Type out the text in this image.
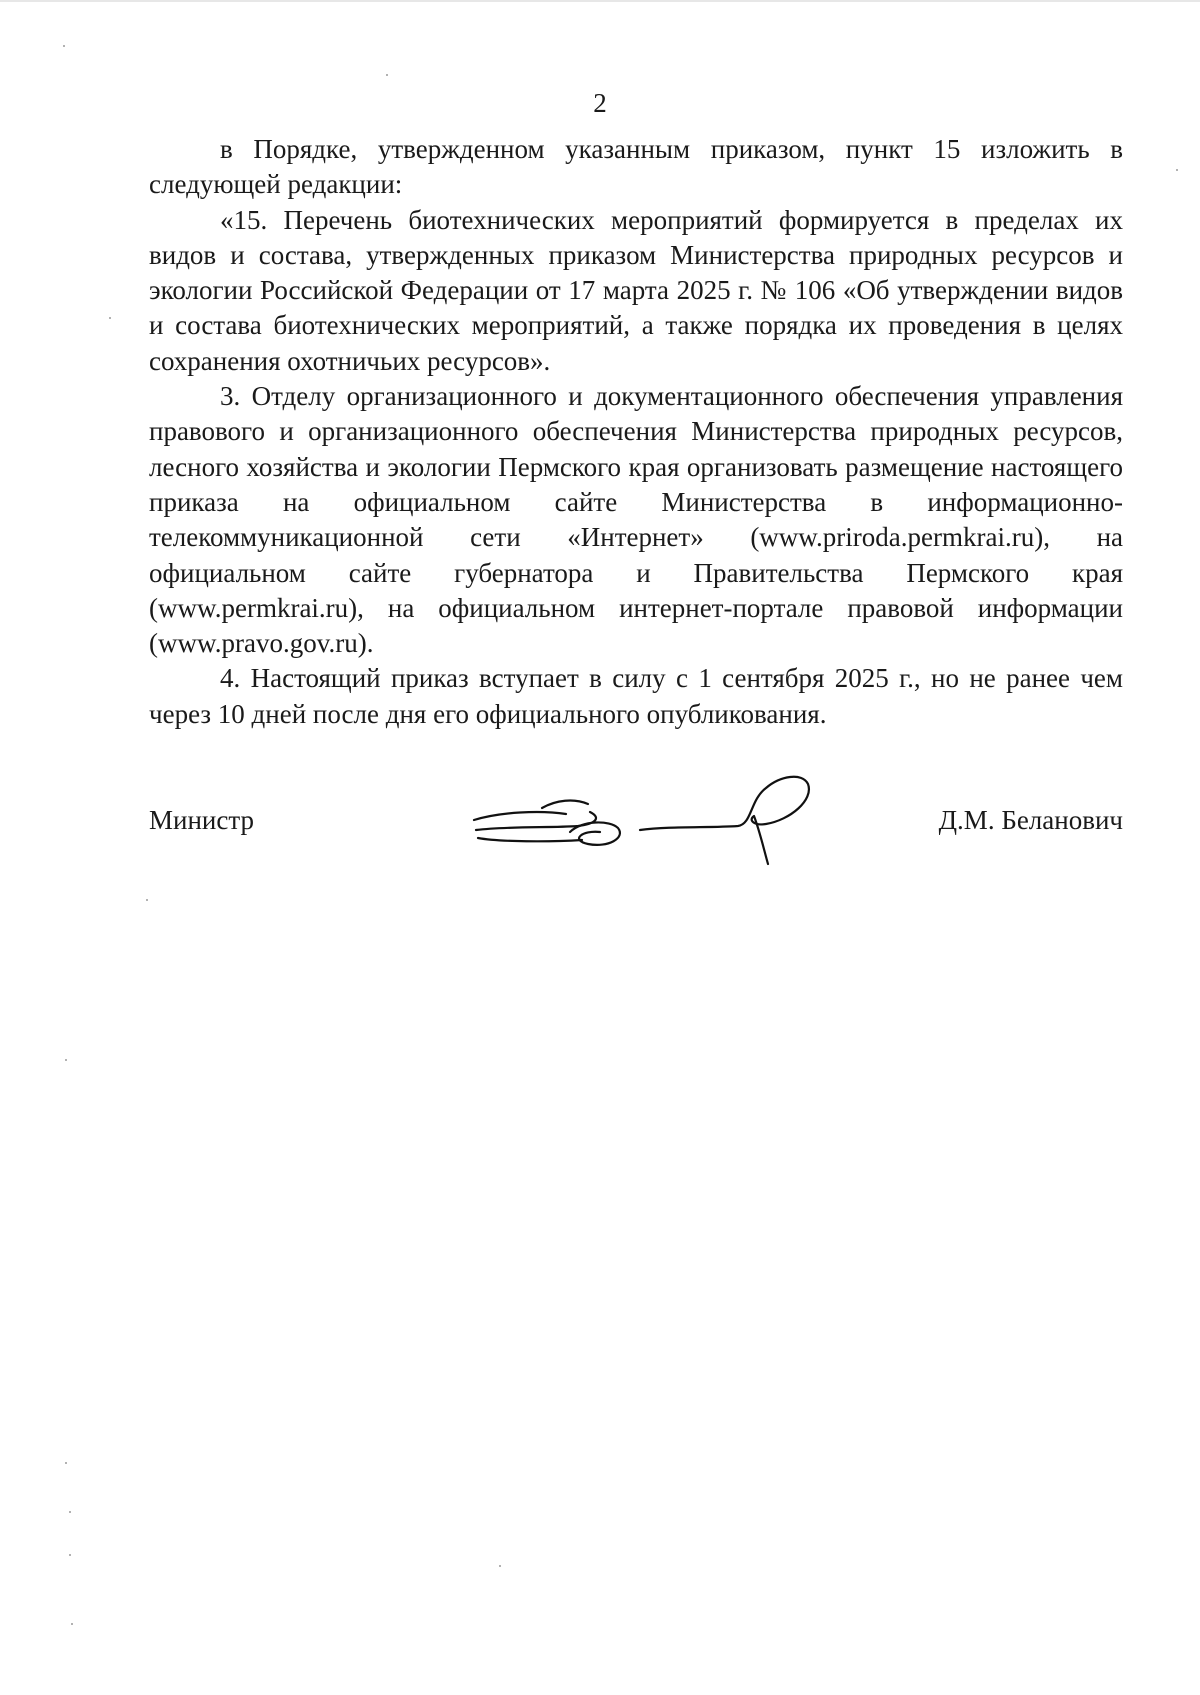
2

в Порядке, утвержденном указанным приказом, пункт 15 изложить в следующей редакции:

«15. Перечень биотехнических мероприятий формируется в пределах их видов и состава, утвержденных приказом Министерства природных ресурсов и экологии Российской Федерации от 17 марта 2025 г. № 106 «Об утверждении видов и состава биотехнических мероприятий, а также порядка их проведения в целях сохранения охотничьих ресурсов».

3. Отделу организационного и документационного обеспечения управления правового и организационного обеспечения Министерства природных ресурсов, лесного хозяйства и экологии Пермского края организовать размещение настоящего приказа на официальном сайте Министерства в информационно-телекоммуникационной сети «Интернет» (www.priroda.permkrai.ru), на официальном сайте губернатора и Правительства Пермского края (www.permkrai.ru), на официальном интернет-портале правовой информации (www.pravo.gov.ru).

4. Настоящий приказ вступает в силу с 1 сентября 2025 г., но не ранее чем через 10 дней после дня его официального опубликования.

Министр	Д.М. Беланович
